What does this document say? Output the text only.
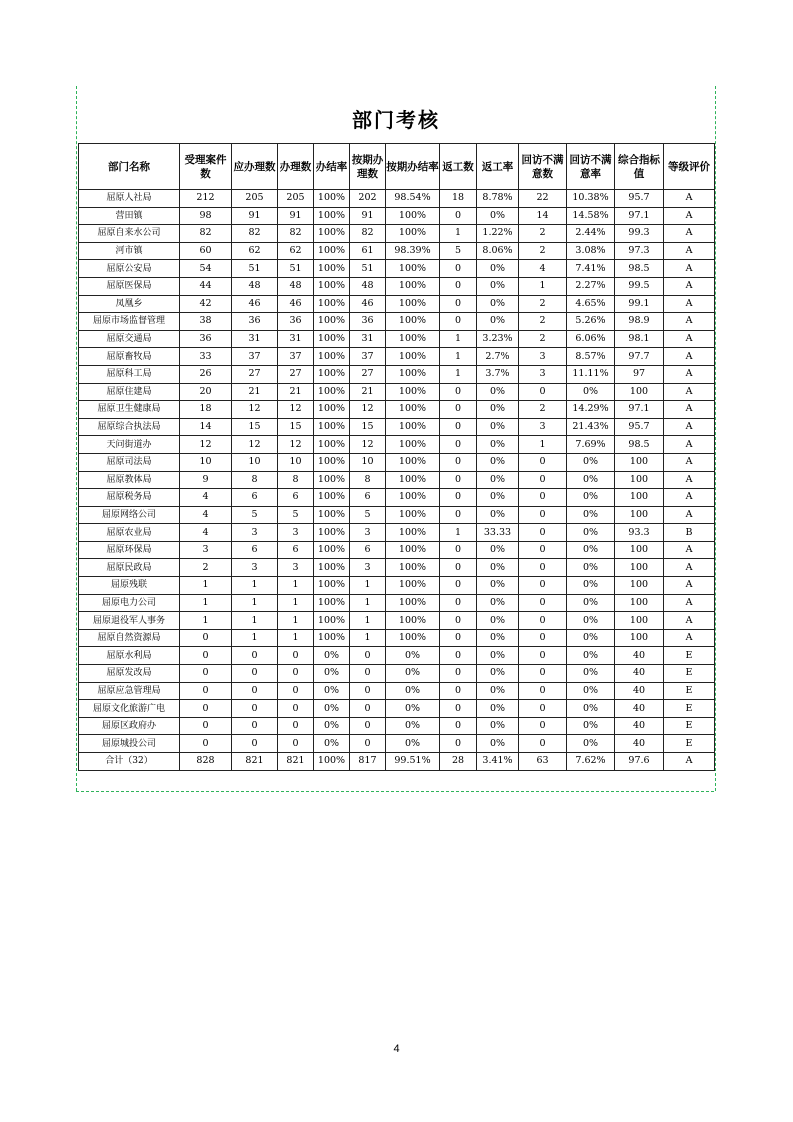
部门考核
部门名称	受理案件数	应办理数	办理数	办结率	按期办理数	按期办结率	返工数	返工率	回访不满意数	回访不满意率	综合指标值	等级评价
屈原人社局	212	205	205	100%	202	98.54%	18	8.78%	22	10.38%	95.7	A
营田镇	98	91	91	100%	91	100%	0	0%	14	14.58%	97.1	A
屈原自来水公司	82	82	82	100%	82	100%	1	1.22%	2	2.44%	99.3	A
河市镇	60	62	62	100%	61	98.39%	5	8.06%	2	3.08%	97.3	A
屈原公安局	54	51	51	100%	51	100%	0	0%	4	7.41%	98.5	A
屈原医保局	44	48	48	100%	48	100%	0	0%	1	2.27%	99.5	A
凤凰乡	42	46	46	100%	46	100%	0	0%	2	4.65%	99.1	A
屈原市场监督管理	38	36	36	100%	36	100%	0	0%	2	5.26%	98.9	A
屈原交通局	36	31	31	100%	31	100%	1	3.23%	2	6.06%	98.1	A
屈原畜牧局	33	37	37	100%	37	100%	1	2.7%	3	8.57%	97.7	A
屈原科工局	26	27	27	100%	27	100%	1	3.7%	3	11.11%	97	A
屈原住建局	20	21	21	100%	21	100%	0	0%	0	0%	100	A
屈原卫生健康局	18	12	12	100%	12	100%	0	0%	2	14.29%	97.1	A
屈原综合执法局	14	15	15	100%	15	100%	0	0%	3	21.43%	95.7	A
天问街道办	12	12	12	100%	12	100%	0	0%	1	7.69%	98.5	A
屈原司法局	10	10	10	100%	10	100%	0	0%	0	0%	100	A
屈原教体局	9	8	8	100%	8	100%	0	0%	0	0%	100	A
屈原税务局	4	6	6	100%	6	100%	0	0%	0	0%	100	A
屈原网络公司	4	5	5	100%	5	100%	0	0%	0	0%	100	A
屈原农业局	4	3	3	100%	3	100%	1	33.33	0	0%	93.3	B
屈原环保局	3	6	6	100%	6	100%	0	0%	0	0%	100	A
屈原民政局	2	3	3	100%	3	100%	0	0%	0	0%	100	A
屈原残联	1	1	1	100%	1	100%	0	0%	0	0%	100	A
屈原电力公司	1	1	1	100%	1	100%	0	0%	0	0%	100	A
屈原退役军人事务	1	1	1	100%	1	100%	0	0%	0	0%	100	A
屈原自然资源局	0	1	1	100%	1	100%	0	0%	0	0%	100	A
屈原水利局	0	0	0	0%	0	0%	0	0%	0	0%	40	E
屈原发改局	0	0	0	0%	0	0%	0	0%	0	0%	40	E
屈原应急管理局	0	0	0	0%	0	0%	0	0%	0	0%	40	E
屈原文化旅游广电	0	0	0	0%	0	0%	0	0%	0	0%	40	E
屈原区政府办	0	0	0	0%	0	0%	0	0%	0	0%	40	E
屈原城投公司	0	0	0	0%	0	0%	0	0%	0	0%	40	E
合计（32）	828	821	821	100%	817	99.51%	28	3.41%	63	7.62%	97.6	A
4
